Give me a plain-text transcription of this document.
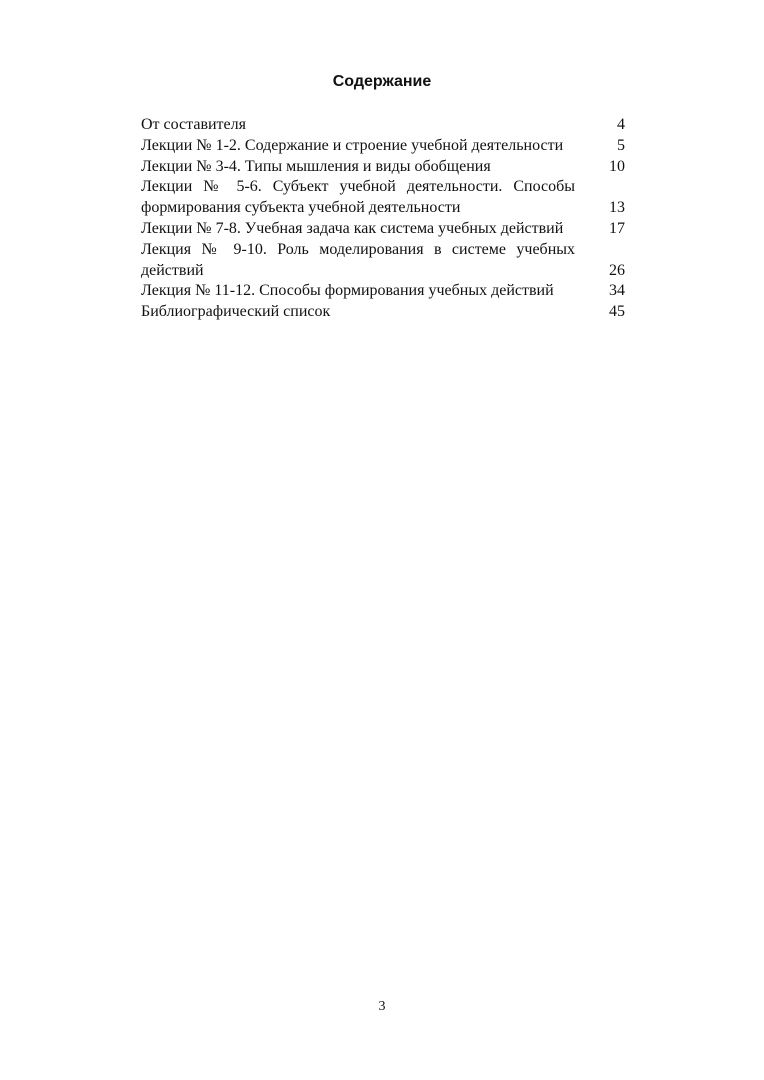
Содержание
От составителя	4
Лекции № 1-2. Содержание и строение учебной деятельности	5
Лекции № 3-4. Типы мышления и виды обобщения	10
Лекции № 5-6. Субъект учебной деятельности. Способы формирования субъекта учебной деятельности	13
Лекции № 7-8. Учебная задача как система учебных действий	17
Лекция № 9-10. Роль моделирования в системе учебных действий	26
Лекция № 11-12. Способы формирования учебных действий	34
Библиографический список	45
3
